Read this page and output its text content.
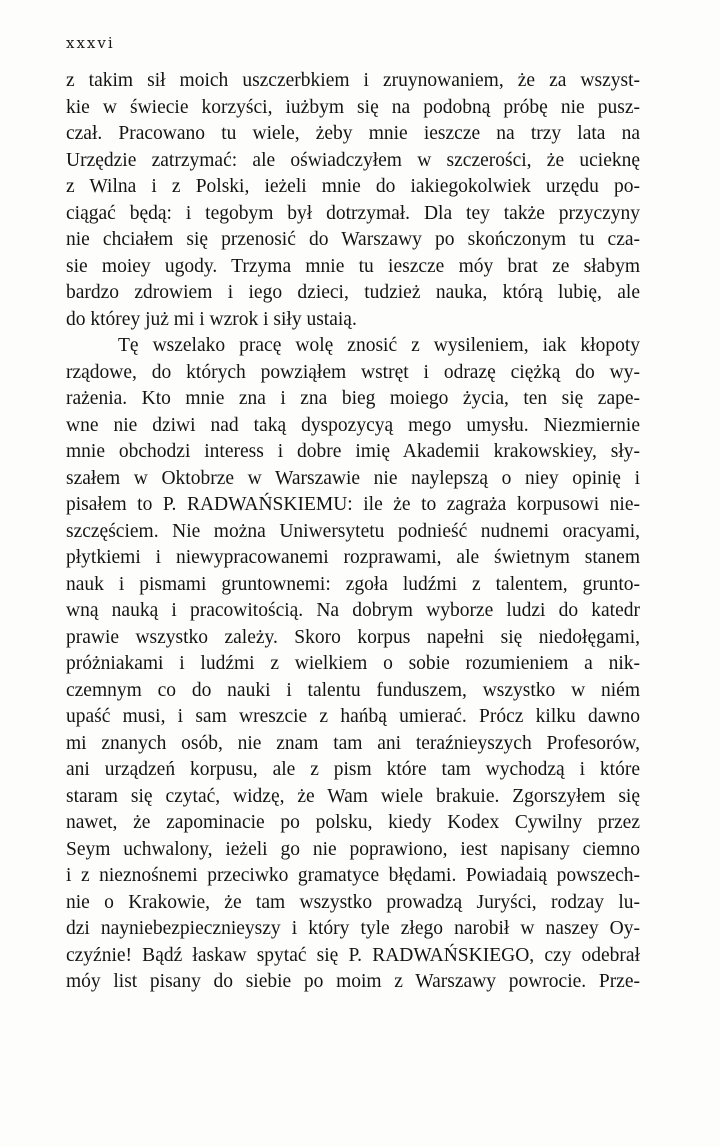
xxxvi
z takim sił moich uszczerbkiem i zruynowaniem, że za wszyst-
kie w świecie korzyści, iużbym się na podobną próbę nie pusz-
czał. Pracowano tu wiele, żeby mnie ieszcze na trzy lata na
Urzędzie zatrzymać: ale oświadczyłem w szczerości, że ucieknę
z Wilna i z Polski, ieżeli mnie do iakiegokolwiek urzędu po-
ciągać będą: i tegobym był dotrzymał. Dla tey także przyczyny
nie chciałem się przenosić do Warszawy po skończonym tu cza-
sie moiey ugody. Trzyma mnie tu ieszcze móy brat ze słabym
bardzo zdrowiem i iego dzieci, tudzież nauka, którą lubię, ale
do którey już mi i wzrok i siły ustaią.
Tę wszelako pracę wolę znosić z wysileniem, iak kłopoty
rządowe, do których powziąłem wstręt i odrazę ciężką do wy-
rażenia. Kto mnie zna i zna bieg moiego życia, ten się zape-
wne nie dziwi nad taką dyspozycyą mego umysłu. Niezmiernie
mnie obchodzi interess i dobre imię Akademii krakowskiey, sły-
szałem w Oktobrze w Warszawie nie naylepszą o niey opinię i
pisałem to P. RADWAŃSKIEMU: ile że to zagraża korpusowi nie-
szczęściem. Nie można Uniwersytetu podnieść nudnemi oracyami,
płytkiemi i niewypracowanemi rozprawami, ale świetnym stanem
nauk i pismami gruntownemi: zgoła ludźmi z talentem, grunto-
wną nauką i pracowitością. Na dobrym wyborze ludzi do katedr
prawie wszystko zależy. Skoro korpus napełni się niedołęgami,
próżniakami i ludźmi z wielkiem o sobie rozumieniem a nik-
czemnym co do nauki i talentu funduszem, wszystko w niém
upaść musi, i sam wreszcie z hańbą umierać. Prócz kilku dawno
mi znanych osób, nie znam tam ani teraźnieyszych Profesorów,
ani urządzeń korpusu, ale z pism które tam wychodzą i które
staram się czytać, widzę, że Wam wiele brakuie. Zgorszyłem się
nawet, że zapominacie po polsku, kiedy Kodex Cywilny przez
Seym uchwalony, ieżeli go nie poprawiono, iest napisany ciemno
i z nieznośnemi przeciwko gramatyce błędami. Powiadaią powszech-
nie o Krakowie, że tam wszystko prowadzą Juryści, rodzay lu-
dzi nayniebezpiecznieyszy i który tyle złego narobił w naszey Oy-
czyźnie! Bądź łaskaw spytać się P. RADWAŃSKIEGO, czy odebrał
móy list pisany do siebie po moim z Warszawy powrocie. Prze-
